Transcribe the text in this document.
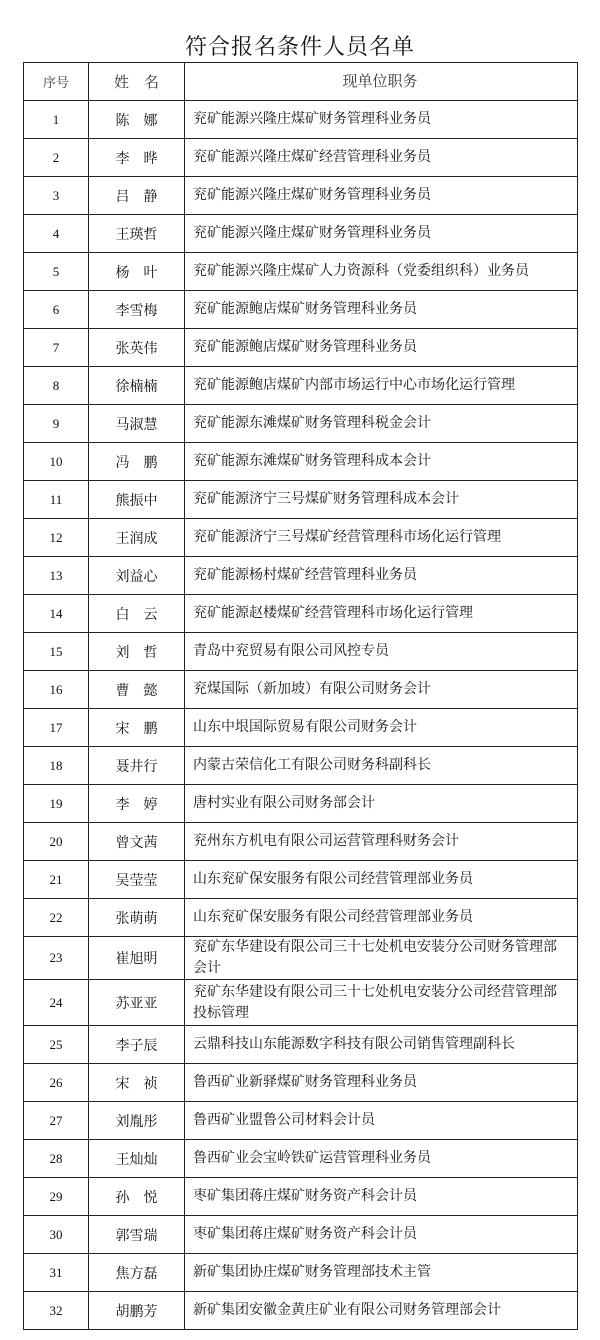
符合报名条件人员名单
序号	姓　名	现单位职务
1	陈　娜	兖矿能源兴隆庄煤矿财务管理科业务员
2	李　晔	兖矿能源兴隆庄煤矿经营管理科业务员
3	吕　静	兖矿能源兴隆庄煤矿财务管理科业务员
4	王瑛哲	兖矿能源兴隆庄煤矿财务管理科业务员
5	杨　叶	兖矿能源兴隆庄煤矿人力资源科（党委组织科）业务员
6	李雪梅	兖矿能源鲍店煤矿财务管理科业务员
7	张英伟	兖矿能源鲍店煤矿财务管理科业务员
8	徐楠楠	兖矿能源鲍店煤矿内部市场运行中心市场化运行管理
9	马淑慧	兖矿能源东滩煤矿财务管理科税金会计
10	冯　鹏	兖矿能源东滩煤矿财务管理科成本会计
11	熊振中	兖矿能源济宁三号煤矿财务管理科成本会计
12	王润成	兖矿能源济宁三号煤矿经营管理科市场化运行管理
13	刘益心	兖矿能源杨村煤矿经营管理科业务员
14	白　云	兖矿能源赵楼煤矿经营管理科市场化运行管理
15	刘　哲	青岛中兖贸易有限公司风控专员
16	曹　懿	兖煤国际（新加坡）有限公司财务会计
17	宋　鹏	山东中垠国际贸易有限公司财务会计
18	聂井行	内蒙古荣信化工有限公司财务科副科长
19	李　婷	唐村实业有限公司财务部会计
20	曾文茜	兖州东方机电有限公司运营管理科财务会计
21	吴莹莹	山东兖矿保安服务有限公司经营管理部业务员
22	张萌萌	山东兖矿保安服务有限公司经营管理部业务员
23	崔旭明	兖矿东华建设有限公司三十七处机电安装分公司财务管理部会计
24	苏亚亚	兖矿东华建设有限公司三十七处机电安装分公司经营管理部投标管理
25	李子辰	云鼎科技山东能源数字科技有限公司销售管理副科长
26	宋　祯	鲁西矿业新驿煤矿财务管理科业务员
27	刘胤彤	鲁西矿业盟鲁公司材料会计员
28	王灿灿	鲁西矿业会宝岭铁矿运营管理科业务员
29	孙　悦	枣矿集团蒋庄煤矿财务资产科会计员
30	郭雪瑞	枣矿集团蒋庄煤矿财务资产科会计员
31	焦方磊	新矿集团协庄煤矿财务管理部技术主管
32	胡鹏芳	新矿集团安徽金黄庄矿业有限公司财务管理部会计
